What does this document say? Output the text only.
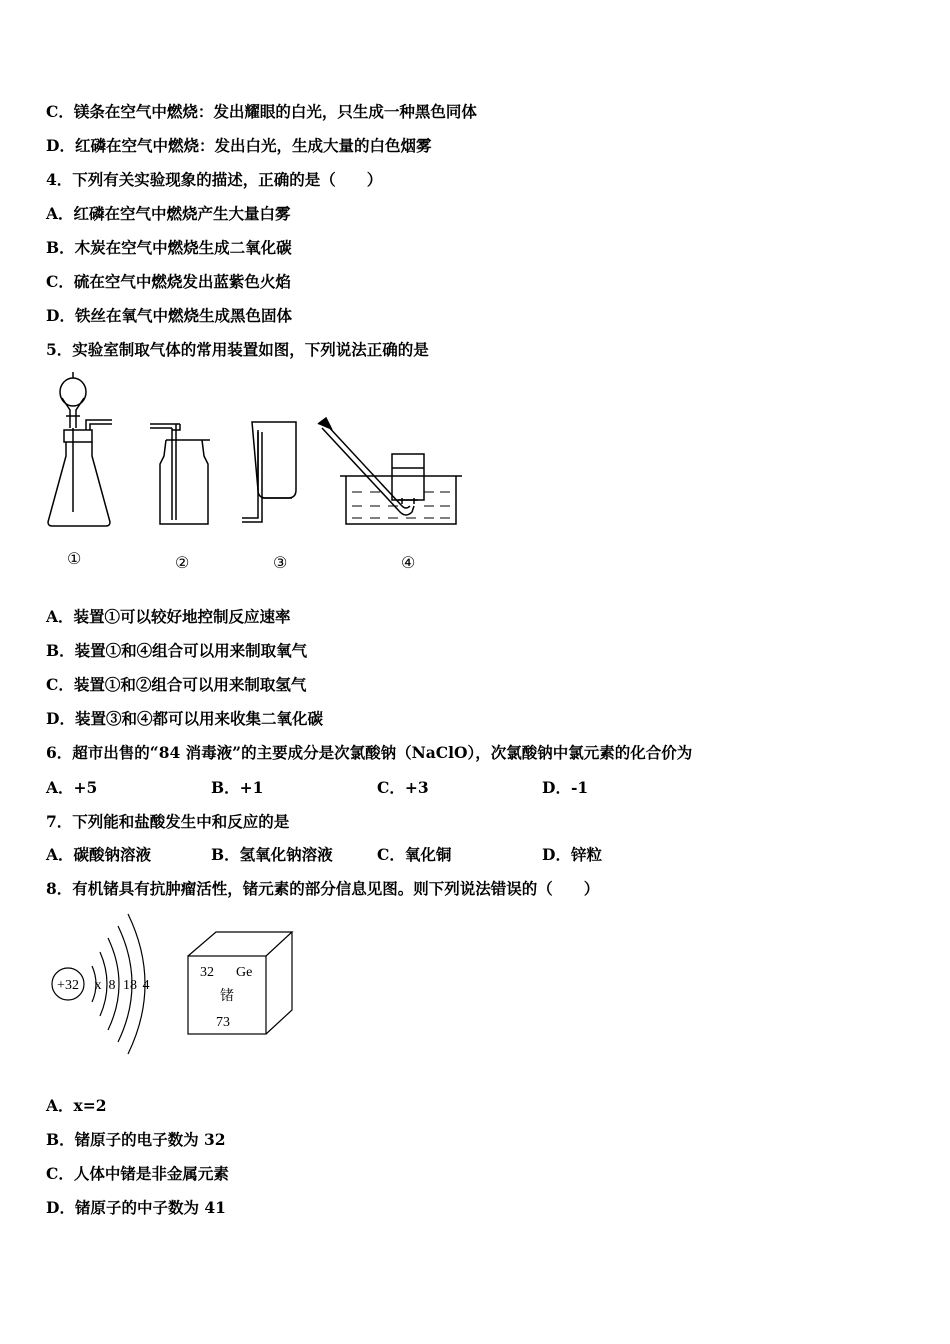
C．镁条在空气中燃烧：发出耀眼的白光，只生成一种黑色同体
D．红磷在空气中燃烧：发出白光，生成大量的白色烟雾
4．下列有关实验现象的描述，正确的是（　　）
A．红磷在空气中燃烧产生大量白雾
B．木炭在空气中燃烧生成二氧化碳
C．硫在空气中燃烧发出蓝紫色火焰
D．铁丝在氧气中燃烧生成黑色固体
5．实验室制取气体的常用装置如图，下列说法正确的是
①	②	③	④
A．装置①可以较好地控制反应速率
B．装置①和④组合可以用来制取氧气
C．装置①和②组合可以用来制取氢气
D．装置③和④都可以用来收集二氧化碳
6．超市出售的“84 消毒液”的主要成分是次氯酸钠（NaClO），次氯酸钠中氯元素的化合价为
A．+5	B．+1	C．+3	D．-1
7．下列能和盐酸发生中和反应的是
A．碳酸钠溶液	B．氢氧化钠溶液	C．氧化铜	D．锌粒
8．有机锗具有抗肿瘤活性，锗元素的部分信息见图。则下列说法错误的（　　）
+32 x 8 18 4
32 Ge
锗
73
A．x=2
B．锗原子的电子数为 32
C．人体中锗是非金属元素
D．锗原子的中子数为 41
